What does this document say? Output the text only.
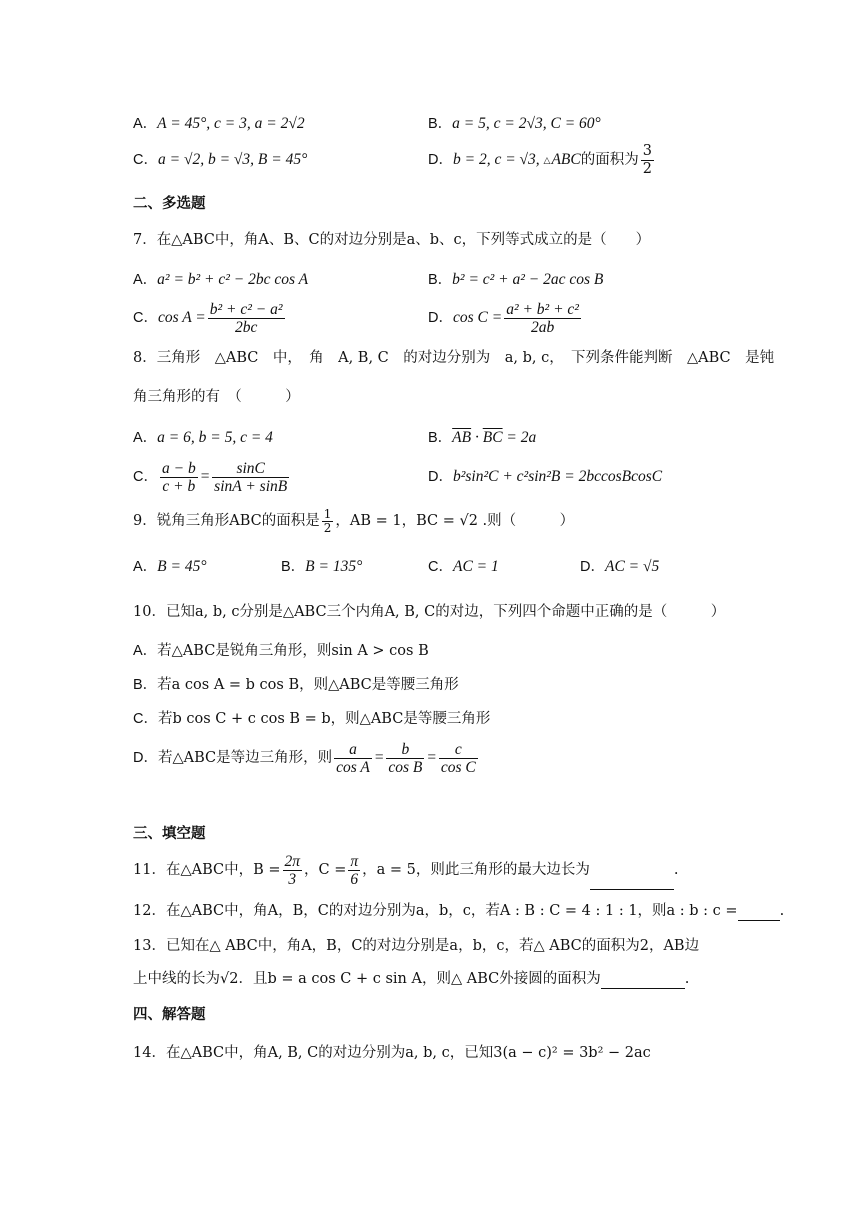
A．A = 45°, c = 3, a = 2√2	B．a = 5, c = 2√3, C = 60°
C．a = √2, b = √3, B = 45°	D．b = 2, c = √3, △ABC的面积为 $\frac{3}{2}$
二、多选题
7．在△ABC中，角A、B、C的对边分别是a、b、c，下列等式成立的是（　　）
A．a² = b² + c² − 2bc cos A	B．b² = c² + a² − 2ac cos B
C．$\cos A = \frac{\text{b² + c² − a²}}{2bc}$	D．$\cos C = \frac{\text{a² + b² + c²}}{2ab}$
8．三角形　△ABC　中，　角　A, B, C　的对边分别为　a, b, c，　下列条件能判断　△ABC　是钝
角三角形的有　（　　　）
A．a = 6, b = 5, c = 4	B．$\overline{AB} \cdot \overline{BC} = 2a$
C． $\frac{a - b}{c + b} = \frac{\sin C}{\sin A + \sin B}$	D．b²sin²C + c²sin²B = 2bccosBcosC
9．锐角三角形ABC的面积是 $\frac{1}{2}$ ，AB = 1，BC = √2 .则（　　　）
A．B = 45°	B．B = 135°	C．AC = 1	D．AC = √5
10．已知a, b, c分别是△ABC三个内角A, B, C的对边，下列四个命题中正确的是（　　　）
A．若△ABC是锐角三角形，则sin A > cos B
B．若a cos A = b cos B，则△ABC是等腰三角形
C．若b cos C + c cos B = b，则△ABC是等腰三角形
D．若△ABC是等边三角形，则 $\frac{a}{\text{cos A}} = \frac{b}{\text{cos B}} = \frac{c}{\text{cos C}}$
三、填空题
11．在△ABC中，$B = \frac{2\pi}{3}$ ，$C = \frac{\pi}{6}$ ，a = 5，则此三角形的最大边长为	.
12．在△ABC中，角A，B，C的对边分别为a，b，c，若A : B : C = 4 : 1 : 1，则a : b : c =	.
13．已知在△ ABC中，角A，B，C的对边分别是a，b，c，若△ ABC的面积为2，AB边
上中线的长为√2．且b = a cos C + c sin A，则△ ABC外接圆的面积为	.
四、解答题
14．在△ABC中，角A, B, C的对边分别为a, b, c，已知3(a − c)² = 3b² − 2ac
